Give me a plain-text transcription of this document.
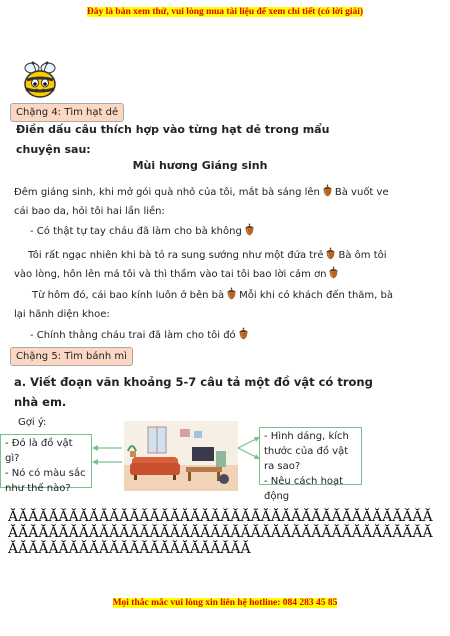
Đây là bản xem thử, vui lòng mua tài liệu để xem chi tiết (có lời giải)
Chặng 4: Tìm hạt dẻ
Điền dấu câu thích hợp vào từng hạt dẻ trong mẩu chuyện sau:
Mùi hương Giáng sinh
Đêm giáng sinh, khi mở gói quà nhỏ của tôi, mắt bà sáng lên Bà vuốt ve cái bao da, hỏi tôi hai lần liền:
- Có thật tự tay cháu đã làm cho bà không
Tôi rất ngạc nhiên khi bà tỏ ra sung sướng như một đứa trẻ Bà ôm tôi vào lòng, hôn lên má tôi và thì thầm vào tai tôi bao lời cảm ơn
Từ hôm đó, cái bao kính luôn ở bên bà Mỗi khi có khách đến thăm, bà lại hãnh diện khoe:
- Chính thằng cháu trai đã làm cho tôi đó
Chặng 5: Tìm bánh mì
a. Viết đoạn văn khoảng 5-7 câu tả một đồ vật có trong nhà em.
Gợi ý:
- Đó là đồ vật gì?
- Nó có màu sắc như thế nào?
- Hình dáng, kích thước của đồ vật ra sao?
- Nêu cách hoạt động
ᾸᾸᾸᾸᾸᾸᾸᾸᾸᾸᾸᾸᾸᾸᾸᾸᾸᾸᾸᾸᾸᾸᾸᾸᾸᾸᾸᾸᾸᾸᾸᾸᾸᾸᾸᾸᾸᾸᾸᾸᾸᾸᾸᾸᾸᾸᾸᾸᾸᾸᾸᾸᾸᾸᾸᾸᾸᾸᾸᾸᾸᾸᾸᾸᾸᾸᾸᾸᾸᾸᾸᾸᾸᾸᾸᾸᾸᾸᾸᾸᾸᾸᾸᾸᾸᾸᾸᾸᾸᾸᾸᾸᾸᾸᾸᾸᾸᾸᾸᾸᾸᾸᾸᾸᾸᾸᾸᾸ
Mọi thắc mắc vui lòng xin liên hệ hotline: 084 283 45 85
